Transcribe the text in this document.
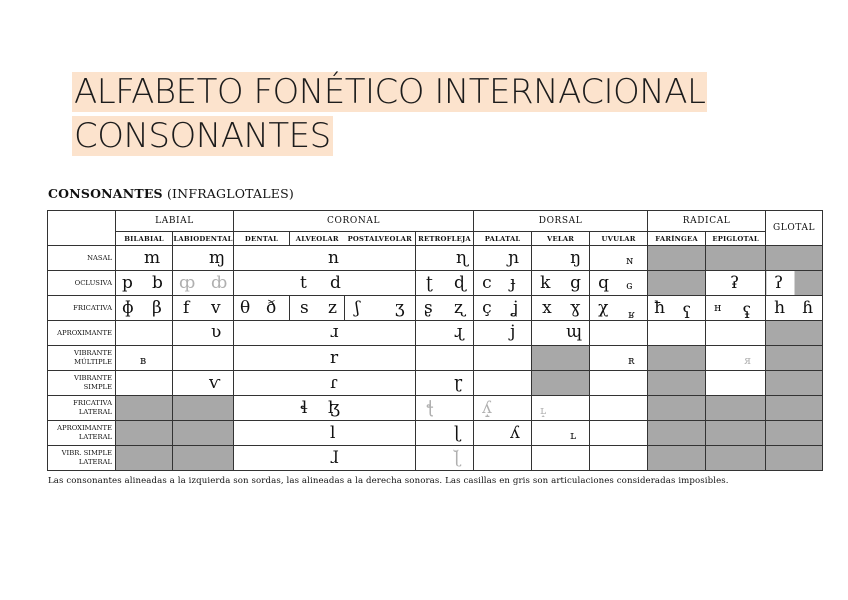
ALFABETO FONÉTICO INTERNACIONAL
CONSONANTES
CONSONANTES (INFRAGLOTALES)
	LABIAL		CORONAL				DORSAL			RADICAL		GLOTAL
	BILABIAL	LABIODENTAL	DENTAL	ALVEOLAR	POSTALVEOLAR	RETROFLEJA	PALATAL	VELAR	UVULAR	FARÍNGEA	EPIGLOTAL	
NASAL	m	ɱ	n			ɳ	ɲ	ŋ	ɴ			

OCLUSIVA	p b	ȹ ȸ	t d			ʈ ɖ	c ɟ	k g	q ɢ		ʡ	ʔ

FRICATIVA	ɸ β	f v	θ ð	s z	ʃ ʒ	ʂ ʐ	ç ʝ	x ɣ	χ ʁ	ħ ʕ	ʜ ʢ	h ɦ

APROXIMANTE		ʋ	ɹ			ɻ	j	ɰ				

VIBRANTE
MÚLTIPLE	ʙ		r						ʀ		я	

VIBRANTE
SIMPLE		ⱱ	ɾ			ɽ						

FRICATIVA
LATERAL			ɬ ɮ			ꞎ	ʎ̝	ʟ̝				

APROXIMANTE
LATERAL			l			ɭ	ʎ	ʟ				

VIBR. SIMPLE
LATERAL			ɺ			ɭ̆						

Las consonantes alineadas a la izquierda son sordas, las alineadas a la derecha sonoras. Las casillas en gris son articulaciones consideradas imposibles.
